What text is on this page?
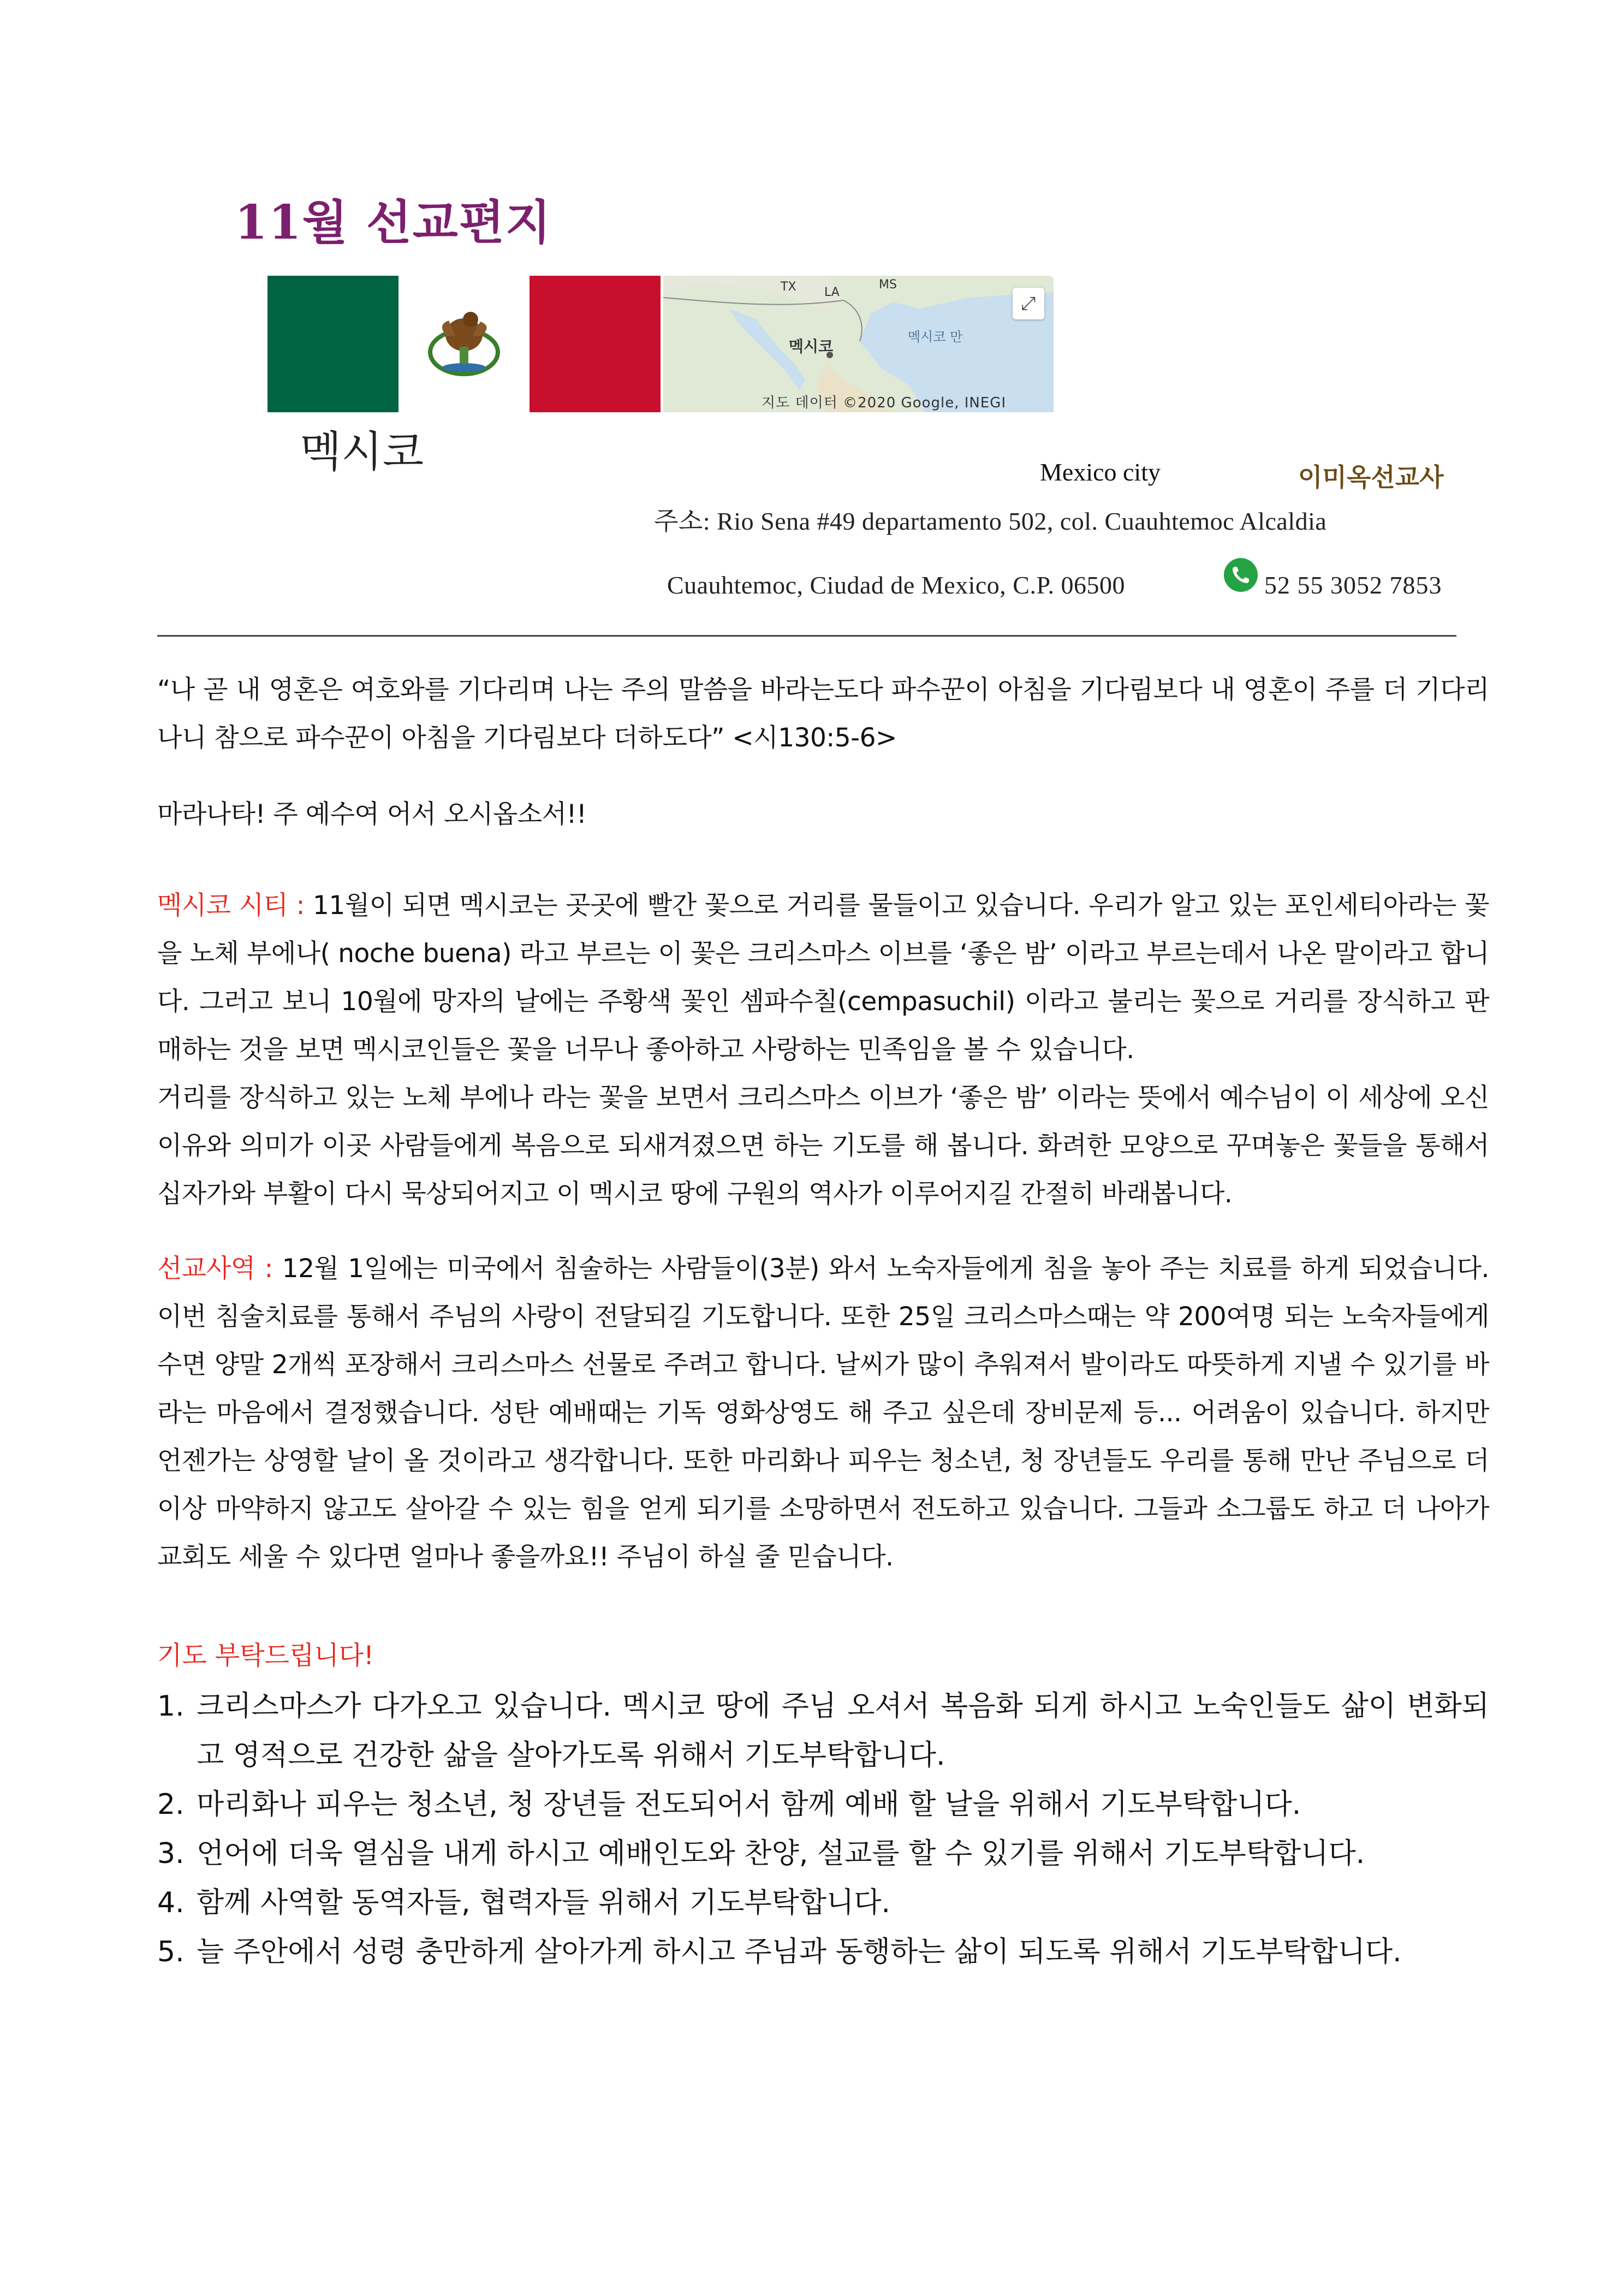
11월 선교편지
TX LA
MS
멕시코
멕시코 만
⤢
지도 데이터 ©2020 Google, INEGI
멕시코	Mexico city	이미옥선교사
주소: Rio Sena #49 departamento 502, col. Cuauhtemoc Alcaldia
Cuauhtemoc, Ciudad de Mexico, C.P. 06500	52 55 3052 7853
“나 곧 내 영혼은 여호와를 기다리며 나는 주의 말씀을 바라는도다 파수꾼이 아침을 기다림보다 내 영혼이 주를 더 기다리나니 참으로 파수꾼이 아침을 기다림보다 더하도다” <시130:5-6>
마라나타! 주 예수여 어서 오시옵소서!!

멕시코 시티 : 11월이 되면 멕시코는 곳곳에 빨간 꽃으로 거리를 물들이고 있습니다. 우리가 알고 있는 포인세티아라는 꽃을 노체 부에나( noche buena) 라고 부르는 이 꽃은 크리스마스 이브를 ‘좋은 밤’ 이라고 부르는데서 나온 말이라고 합니다. 그러고 보니 10월에 망자의 날에는 주황색 꽃인 셈파수칠(cempasuchil) 이라고 불리는 꽃으로 거리를 장식하고 판매하는 것을 보면 멕시코인들은 꽃을 너무나 좋아하고 사랑하는 민족임을 볼 수 있습니다.

거리를 장식하고 있는 노체 부에나 라는 꽃을 보면서 크리스마스 이브가 ‘좋은 밤’ 이라는 뜻에서 예수님이 이 세상에 오신 이유와 의미가 이곳 사람들에게 복음으로 되새겨졌으면 하는 기도를 해 봅니다. 화려한 모양으로 꾸며놓은 꽃들을 통해서 십자가와 부활이 다시 묵상되어지고 이 멕시코 땅에 구원의 역사가 이루어지길 간절히 바래봅니다.

선교사역 : 12월 1일에는 미국에서 침술하는 사람들이(3분) 와서 노숙자들에게 침을 놓아 주는 치료를 하게 되었습니다. 이번 침술치료를 통해서 주님의 사랑이 전달되길 기도합니다. 또한 25일 크리스마스때는 약 200여명 되는 노숙자들에게 수면 양말 2개씩 포장해서 크리스마스 선물로 주려고 합니다. 날씨가 많이 추워져서 발이라도 따뜻하게 지낼 수 있기를 바라는 마음에서 결정했습니다. 성탄 예배때는 기독 영화상영도 해 주고 싶은데 장비문제 등... 어려움이 있습니다. 하지만 언젠가는 상영할 날이 올 것이라고 생각합니다. 또한 마리화나 피우는 청소년, 청 장년들도 우리를 통해 만난 주님으로 더 이상 마약하지 않고도 살아갈 수 있는 힘을 얻게 되기를 소망하면서 전도하고 있습니다. 그들과 소그룹도 하고 더 나아가 교회도 세울 수 있다면 얼마나 좋을까요!! 주님이 하실 줄 믿습니다.

기도 부탁드립니다!
1. 크리스마스가 다가오고 있습니다. 멕시코 땅에 주님 오셔서 복음화 되게 하시고 노숙인들도 삶이 변화되고 영적으로 건강한 삶을 살아가도록 위해서 기도부탁합니다.
2. 마리화나 피우는 청소년, 청 장년들 전도되어서 함께 예배 할 날을 위해서 기도부탁합니다.
3. 언어에 더욱 열심을 내게 하시고 예배인도와 찬양, 설교를 할 수 있기를 위해서 기도부탁합니다.
4. 함께 사역할 동역자들, 협력자들 위해서 기도부탁합니다.
5. 늘 주안에서 성령 충만하게 살아가게 하시고 주님과 동행하는 삶이 되도록 위해서 기도부탁합니다.
